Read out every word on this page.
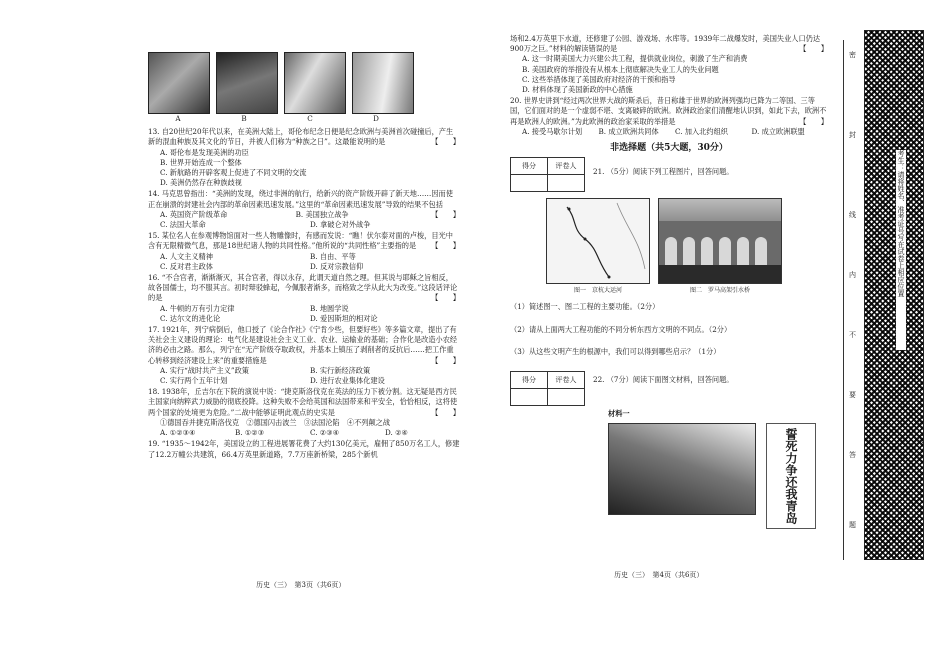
A	B	C	D

13. 自20世纪20年代以来，在美洲大陆上，哥伦布纪念日便是纪念欧洲与美洲首次碰撞后，产生新的混血种族及其文化的节日，并被人们称为“种族之日”。这最能说明的是	【　　】

A. 哥伦布是发现美洲的功臣

B. 世界开始连成一个整体

C. 新航路的开辟客观上促进了不同文明的交流

D. 美洲仍然存在种族歧视

14. 马克思曾指出：“美洲的发现，绕过非洲的航行，给新兴的资产阶级开辟了新天地……因而使正在崩溃的封建社会内部的革命因素迅速发展。”这里的“革命因素迅速发展”导致的结果不包括
【　　】

A. 英国资产阶级革命	B. 美国独立战争
C. 法国大革命	D. 拿破仑对外战争

15. 某位名人在参观博物馆面对一些人物雕像时，有感而发说：“瞧！伏尔泰对面的卢梭，目光中含有无限精微气息，那是18世纪诸人物的共同性格。”他所说的“共同性格”主要指的是 【　　】

A. 人文主义精神	B. 自由、平等
C. 反对君主政体	D. 反对宗教信仰

16. “不合官者，渐渐渐灭，其合官者，得以永存，此谓天道自然之理。但其说与耶稣之旨相反，故各国儒士，均不服其言。初时辩驳蜂起，今佩服者渐多，而格致之学从此大为改变。”这段话评论的是	【　　】

A. 牛顿的万有引力定律	B. 地圆学说
C. 达尔文的进化论	D. 爱因斯坦的相对论

17. 1921年，列宁病倒后，他口授了《论合作社》《宁肯少些，但要好些》等多篇文章，提出了有关社会主义建设的理论：电气化是建设社会主义工业、农业、运输业的基础；合作化是改造小农经济的必由之路。那么，列宁在“无产阶级夺取政权，并基本上镇压了剥削者的反抗后……把工作重心转移到经济建设上来”的重要措施是	【　　】

A. 实行“战时共产主义”政策	B. 实行新经济政策
C. 实行两个五年计划	D. 进行农业集体化建设

18. 1938年，丘吉尔在下院的演说中说：“捷克斯洛伐克在英法的压力下被分割。这无疑是西方民主国家向纳粹武力威胁的彻底投降。这种失败不会给英国和法国带来和平安全，恰恰相反，这将使两个国家的处境更为危险。”二战中能够证明此观点的史实是	【　　】

①德国吞并捷克斯洛伐克　②德国闪击波兰　③法国沦陷　④不列颠之战

A. ①②③④	B. ①②③	C. ②③④	D. ②④

19. “1935～1942年，美国设立的工程进展署花费了大约130亿美元，雇佣了850万名工人，修建了12.2万幢公共建筑，66.4万英里新道路，7.7万座新桥梁，285个新机

历史（三）　第3页（共6页）

场和2.4万英里下水道，还修建了公园、游戏场、水库等。1939年二战爆发时，美国失业人口仍达900万之巨。”材料的解读错误的是	【　　】

A. 这一时期美国大力兴建公共工程，提供就业岗位，刺激了生产和消费

B. 美国政府的举措没有从根本上彻底解决失业工人的失业问题

C. 这些举措体现了美国政府对经济的干预和指导

D. 材料体现了美国新政的中心措施

20. 世界史讲到“经过两次世界大战的斯杀后，昔日称雄于世界的欧洲列强均已降为二等国、三等国，它们面对的是一个虚弱不堪、支离破碎的欧洲。欧洲政治家们清醒地认识到，如此下去，欧洲不再是欧洲人的欧洲。”为此欧洲的政治家采取的举措是	【　　】

A. 接受马歇尔计划	B. 成立欧洲共同体	C. 加入北约组织	D. 成立欧洲联盟
非选择题（共5大题，30分）
得分	评卷人

21. （5分）阅读下列工程图片，回答问题。

图一　京杭大运河	图二　罗马高架引水桥

（1）简述图一、图二工程的主要功能。（2分）

（2）请从上面两大工程功能的不同分析东西方文明的不同点。（2分）

（3）从这些文明产生的根源中，我们可以得到哪些启示？（1分）

得分	评卷人
	22. （7分）阅读下面图文材料，回答问题。

材料一

誓死力争还我青岛
历史（三）　第4页（共6页）
密
封
线
内
不
要
答
题
考生：请将姓名、准考证号写在试卷上相应位置
••••••
••••••
